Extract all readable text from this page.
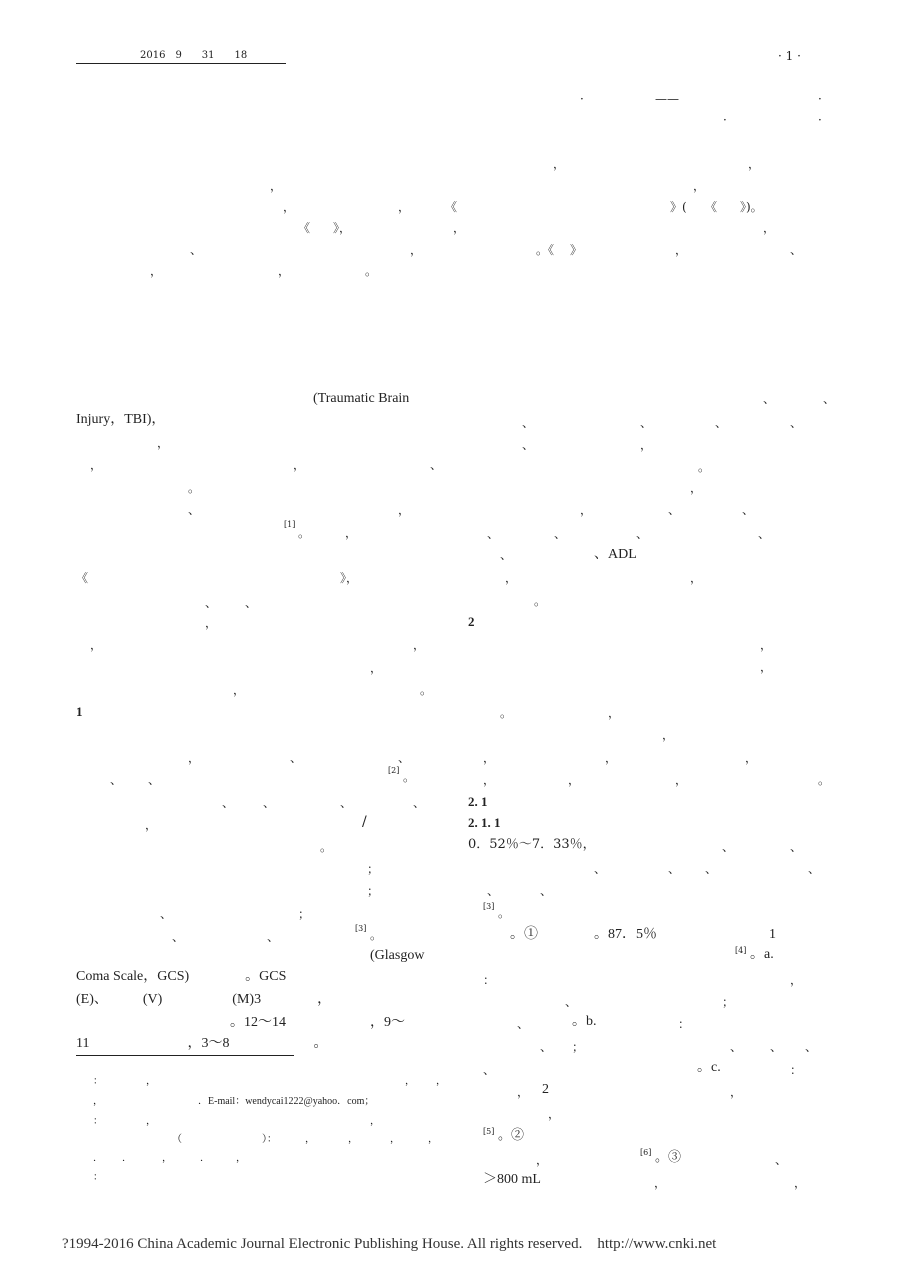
2016　9　　31　　18	· 1 ·
·	——	·
·	·
，	，
，	，
，	，	《	》( 《 》)。
《 》，	，	，
、	，	。《 》	，	、
，	，	。
(Traumatic Brain
Injury，TBI)，
，
，	，	、
。
、	，
[1]
。	，
《	》，
、 、
，
，	，
，
，	。
1
，	、	、
、 、
[2] 。
、 、	、	、
，	/
。
；
；
、	；
、	、
[3] 。
(Glasgow
Coma Scale，GCS)　　　　。GCS
(E)、　　　(V)　　　　　(M)3　　　　，
。12～14　　　　　　，9～
11　　　　　　　，3～8　　　　　　。
：	，	， ，
，	．E-mail：wendycai1222@yahoo．com；
：	，	，
（	）：	，	，	，	，
． ．	，	．	，
：
、	、
、	、	、	、
、	，
。
，
，	、	、
、	、	、	、
、	、ADL
，	，
。
2
，
，
。	，
，
，	，	，
，	，	，	。
2. 1
2. 1. 1
0．52％～7．33％，	、	、
、	、 、	、
、	、
[3] 。
。①　　　　。87．5％　　　　　　　　1
[4] 。a.
：	，
、	；
、	。b.	：
、 ；	、 、 、
、	。c.	：
， 2	，
，
[5] 。②
，
[6] 。③	、
＞800 mL	，	，
?1994-2016 China Academic Journal Electronic Publishing House. All rights reserved.　http://www.cnki.net
